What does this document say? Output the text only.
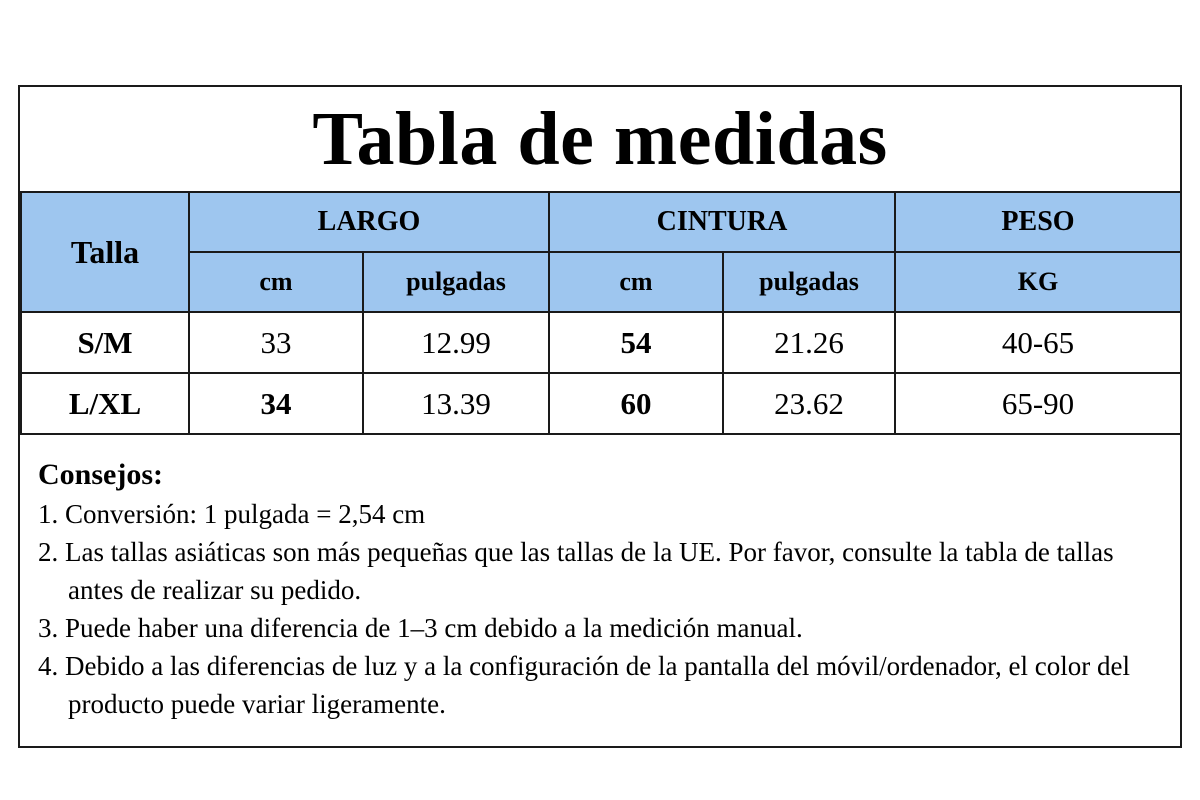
Tabla de medidas
Talla	LARGO		CINTURA		PESO
	cm	pulgadas	cm	pulgadas	KG
S/M	33	12.99	54	21.26	40-65
L/XL	34	13.39	60	23.62	65-90
Consejos:
1. Conversión: 1 pulgada = 2,54 cm
2. Las tallas asiáticas son más pequeñas que las tallas de la UE. Por favor, consulte la tabla de tallas antes de realizar su pedido.
3. Puede haber una diferencia de 1–3 cm debido a la medición manual.
4. Debido a las diferencias de luz y a la configuración de la pantalla del móvil/ordenador, el color del producto puede variar ligeramente.
